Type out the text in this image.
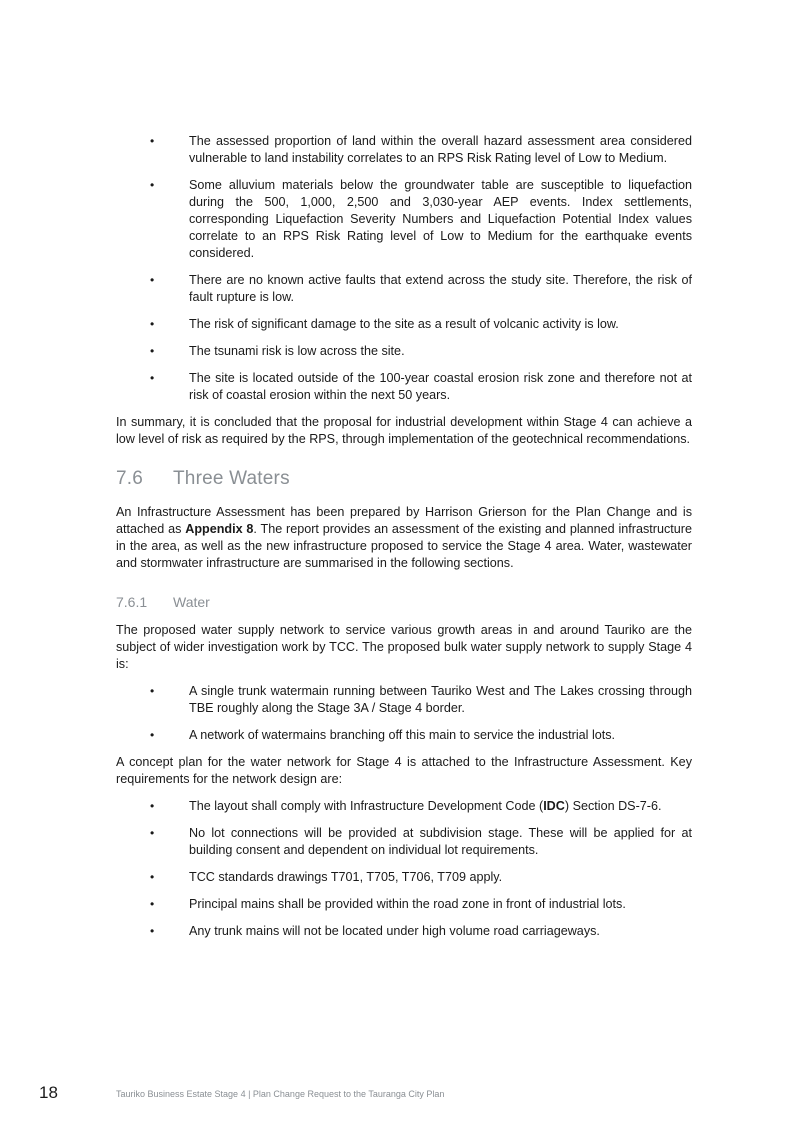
•	The assessed proportion of land within the overall hazard assessment area considered vulnerable to land instability correlates to an RPS Risk Rating level of Low to Medium.
•	Some alluvium materials below the groundwater table are susceptible to liquefaction during the 500, 1,000, 2,500 and 3,030-year AEP events. Index settlements, corresponding Liquefaction Severity Numbers and Liquefaction Potential Index values correlate to an RPS Risk Rating level of Low to Medium for the earthquake events considered.
•	There are no known active faults that extend across the study site. Therefore, the risk of fault rupture is low.
•	The risk of significant damage to the site as a result of volcanic activity is low.
•	The tsunami risk is low across the site.
•	The site is located outside of the 100-year coastal erosion risk zone and therefore not at risk of coastal erosion within the next 50 years.

In summary, it is concluded that the proposal for industrial development within Stage 4 can achieve a low level of risk as required by the RPS, through implementation of the geotechnical recommendations.

7.6 Three Waters

An Infrastructure Assessment has been prepared by Harrison Grierson for the Plan Change and is attached as Appendix 8. The report provides an assessment of the existing and planned infrastructure in the area, as well as the new infrastructure proposed to service the Stage 4 area. Water, wastewater and stormwater infrastructure are summarised in the following sections.

7.6.1 Water

The proposed water supply network to service various growth areas in and around Tauriko are the subject of wider investigation work by TCC. The proposed bulk water supply network to supply Stage 4 is:

•	A single trunk watermain running between Tauriko West and The Lakes crossing through TBE roughly along the Stage 3A / Stage 4 border.
•	A network of watermains branching off this main to service the industrial lots.

A concept plan for the water network for Stage 4 is attached to the Infrastructure Assessment. Key requirements for the network design are:

•	The layout shall comply with Infrastructure Development Code (IDC) Section DS-7-6.
•	No lot connections will be provided at subdivision stage. These will be applied for at building consent and dependent on individual lot requirements.
•	TCC standards drawings T701, T705, T706, T709 apply.
•	Principal mains shall be provided within the road zone in front of industrial lots.
•	Any trunk mains will not be located under high volume road carriageways.
18	Tauriko Business Estate Stage 4 | Plan Change Request to the Tauranga City Plan
